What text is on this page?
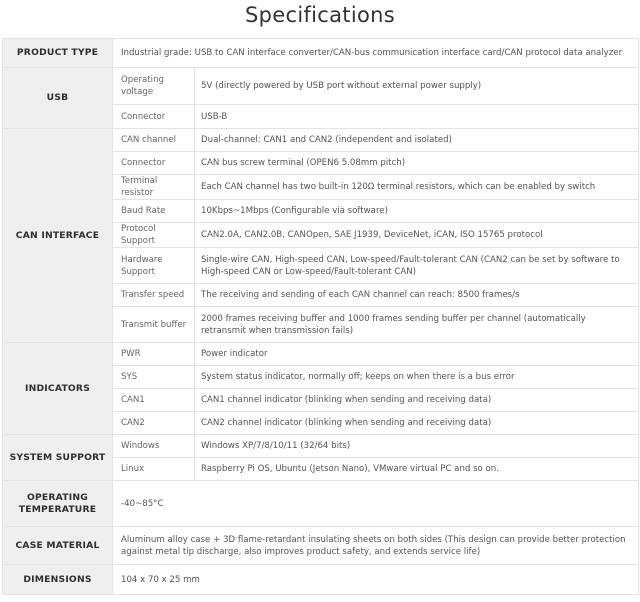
Specifications
PRODUCT TYPE	Industrial grade: USB to CAN interface converter/CAN-bus communication interface card/CAN protocol data analyzer	
USB	Operating voltage	5V (directly powered by USB port without external power supply)
	Connector	USB-B
CAN INTERFACE	CAN channel	Dual-channel: CAN1 and CAN2 (independent and isolated)
	Connector	CAN bus screw terminal (OPEN6 5.08mm pitch)
	Terminal resistor	Each CAN channel has two built-in 120Ω terminal resistors, which can be enabled by switch
	Baud Rate	10Kbps~1Mbps (Configurable via software)
	Protocol Support	CAN2.0A, CAN2.0B, CANOpen, SAE J1939, DeviceNet, iCAN, ISO 15765 protocol
	Hardware Support	Single-wire CAN, High-speed CAN, Low-speed/Fault-tolerant CAN (CAN2 can be set by software to High-speed CAN or Low-speed/Fault-tolerant CAN)
	Transfer speed	The receiving and sending of each CAN channel can reach: 8500 frames/s
	Transmit buffer	2000 frames receiving buffer and 1000 frames sending buffer per channel (automatically retransmit when transmission fails)
INDICATORS	PWR	Power indicator
	SYS	System status indicator, normally off; keeps on when there is a bus error
	CAN1	CAN1 channel indicator (blinking when sending and receiving data)
	CAN2	CAN2 channel indicator (blinking when sending and receiving data)
SYSTEM SUPPORT	Windows	Windows XP/7/8/10/11 (32/64 bits)
	Linux	Raspberry Pi OS, Ubuntu (Jetson Nano), VMware virtual PC and so on.
OPERATING TEMPERATURE	-40~85°C	
CASE MATERIAL	Aluminum alloy case + 3D flame-retardant insulating sheets on both sides (This design can provide better protection against metal tip discharge, also improves product safety, and extends service life)	
DIMENSIONS	104 x 70 x 25 mm	
